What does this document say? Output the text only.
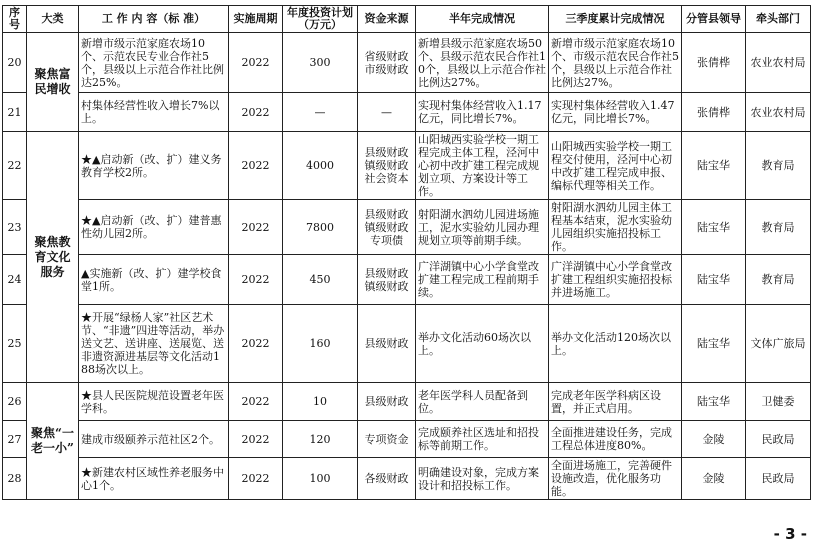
序号	大类	工 作 内 容（标 准）	实施周期	年度投资计划（万元）	资金来源	半年完成情况	三季度累计完成情况	分管县领导	牵头部门
20	聚焦富民增收	新增市级示范家庭农场10个、示范农民专业合作社5个，县级以上示范合作社比例达25%。	2022	300	省级财政 市级财政	新增县级示范家庭农场50个、县级示范农民合作社10个，县级以上示范合作社比例达27%。	新增市级示范家庭农场10个、市级示范农民合作社5个，县级以上示范合作社比例达27%。	张倩桦	农业农村局
21		村集体经营性收入增长7%以上。	2022	—	—	实现村集体经营收入1.17亿元，同比增长7%。	实现村集体经营收入1.47亿元，同比增长7%。	张倩桦	农业农村局
22	聚焦教育文化服务	★▲启动新（改、扩）建义务教育学校2所。	2022	4000	县级财政 镇级财政 社会资本	山阳城西实验学校一期工程完成主体工程，泾河中心初中改扩建工程完成规划立项、方案设计等工作。	山阳城西实验学校一期工程交付使用，泾河中心初中改扩建工程完成申报、编标代理等相关工作。	陆宝华	教育局
23		★▲启动新（改、扩）建普惠性幼儿园2所。	2022	7800	县级财政 镇级财政 专项债	射阳湖水泗幼儿园进场施工，泥水实验幼儿园办理规划立项等前期手续。	射阳湖水泗幼儿园主体工程基本结束，泥水实验幼儿园组织实施招投标工作。	陆宝华	教育局
24		▲实施新（改、扩）建学校食堂1所。	2022	450	县级财政 镇级财政	广洋湖镇中心小学食堂改扩建工程完成工程前期手续。	广洋湖镇中心小学食堂改扩建工程组织实施招投标并进场施工。	陆宝华	教育局
25		★开展“绿杨人家”社区艺术节、“非遗”四进等活动，举办送文艺、送讲座、送展览、送非遗资源进基层等文化活动188场次以上。	2022	160	县级财政	举办文化活动60场次以上。	举办文化活动120场次以上。	陆宝华	文体广旅局
26	聚焦“一老一小”	★县人民医院规范设置老年医学科。	2022	10	县级财政	老年医学科人员配备到位。	完成老年医学科病区设置，并正式启用。	陆宝华	卫健委
27		建成市级颐养示范社区2个。	2022	120	专项资金	完成颐养社区选址和招投标等前期工作。	全面推进建设任务，完成工程总体进度80%。	金陵	民政局
28		★新建农村区域性养老服务中心1个。	2022	100	各级财政	明确建设对象，完成方案设计和招投标工作。	全面进场施工，完善硬件设施改造，优化服务功能。	金陵	民政局
- 3 -
